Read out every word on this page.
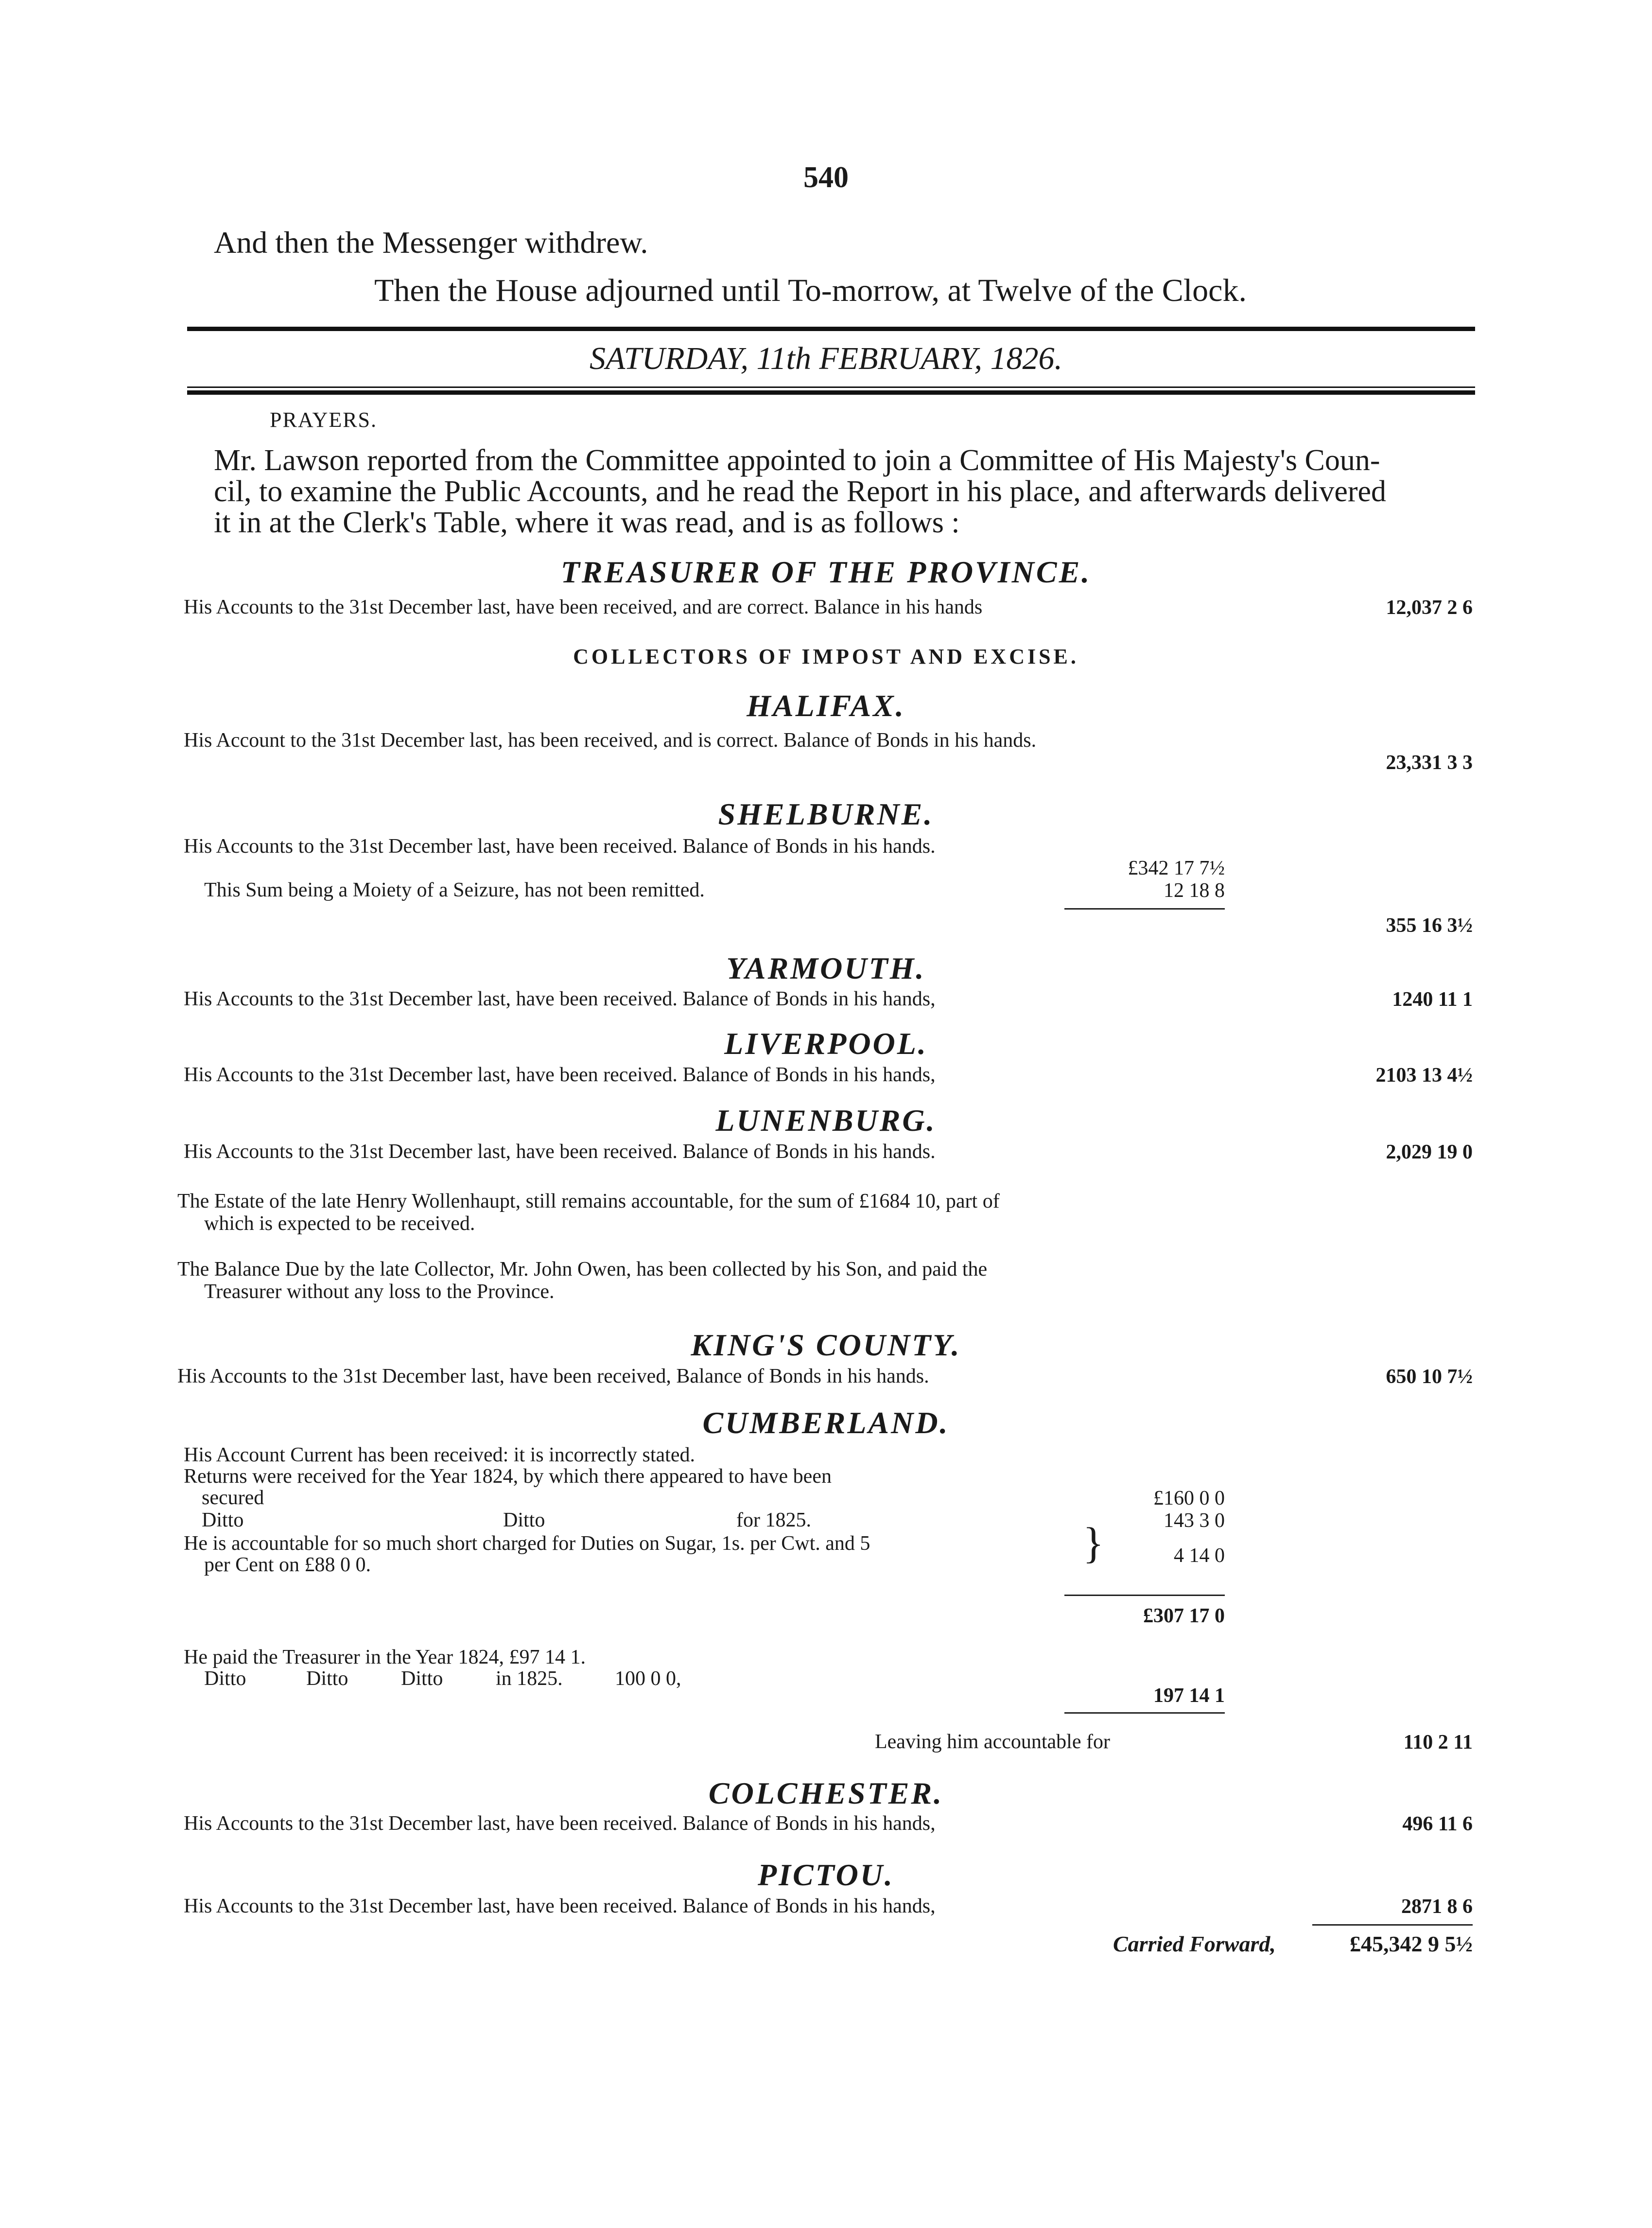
540
And then the Messenger withdrew.
Then the House adjourned until To-morrow, at Twelve of the Clock.
SATURDAY, 11th FEBRUARY, 1826.
PRAYERS.

Mr. Lawson reported from the Committee appointed to join a Committee of His Majesty's Coun-

cil, to examine the Public Accounts, and he read the Report in his place, and afterwards delivered

it in at the Clerk's Table, where it was read, and is as follows :

TREASURER OF THE PROVINCE.
His Accounts to the 31st December last, have been received, and are correct. Balance in his hands	12,037 2 6
COLLECTORS OF IMPOST AND EXCISE.
HALIFAX.
His Account to the 31st December last, has been received, and is correct. Balance of Bonds in his hands.
23,331 3 3
SHELBURNE.
His Accounts to the 31st December last, have been received. Balance of Bonds in his hands.
£342 17 7½
This Sum being a Moiety of a Seizure, has not been remitted.	12 18 8
355 16 3½
YARMOUTH.
His Accounts to the 31st December last, have been received. Balance of Bonds in his hands,	1240 11 1
LIVERPOOL.
His Accounts to the 31st December last, have been received. Balance of Bonds in his hands,	2103 13 4½
LUNENBURG.
His Accounts to the 31st December last, have been received. Balance of Bonds in his hands.	2,029 19 0
The Estate of the late Henry Wollenhaupt, still remains accountable, for the sum of £1684 10, part of
which is expected to be received.
The Balance Due by the late Collector, Mr. John Owen, has been collected by his Son, and paid the
Treasurer without any loss to the Province.
KING'S COUNTY.
His Accounts to the 31st December last, have been received, Balance of Bonds in his hands.	650 10 7½
CUMBERLAND.
His Account Current has been received: it is incorrectly stated.
Returns were received for the Year 1824, by which there appeared to have been
secured	£160 0 0
Ditto	Ditto	for 1825.	143 3 0
He is accountable for so much short charged for Duties on Sugar, 1s. per Cwt. and 5
per Cent on £88 0 0.	}	4 14 0
£307 17 0
He paid the Treasurer in the Year 1824, £97 14 1.
Ditto	Ditto	Ditto	in 1825.	100 0 0,
197 14 1
Leaving him accountable for	110 2 11
COLCHESTER.
His Accounts to the 31st December last, have been received. Balance of Bonds in his hands,	496 11 6
PICTOU.
His Accounts to the 31st December last, have been received. Balance of Bonds in his hands,	2871 8 6
Carried Forward,	£45,342 9 5½
